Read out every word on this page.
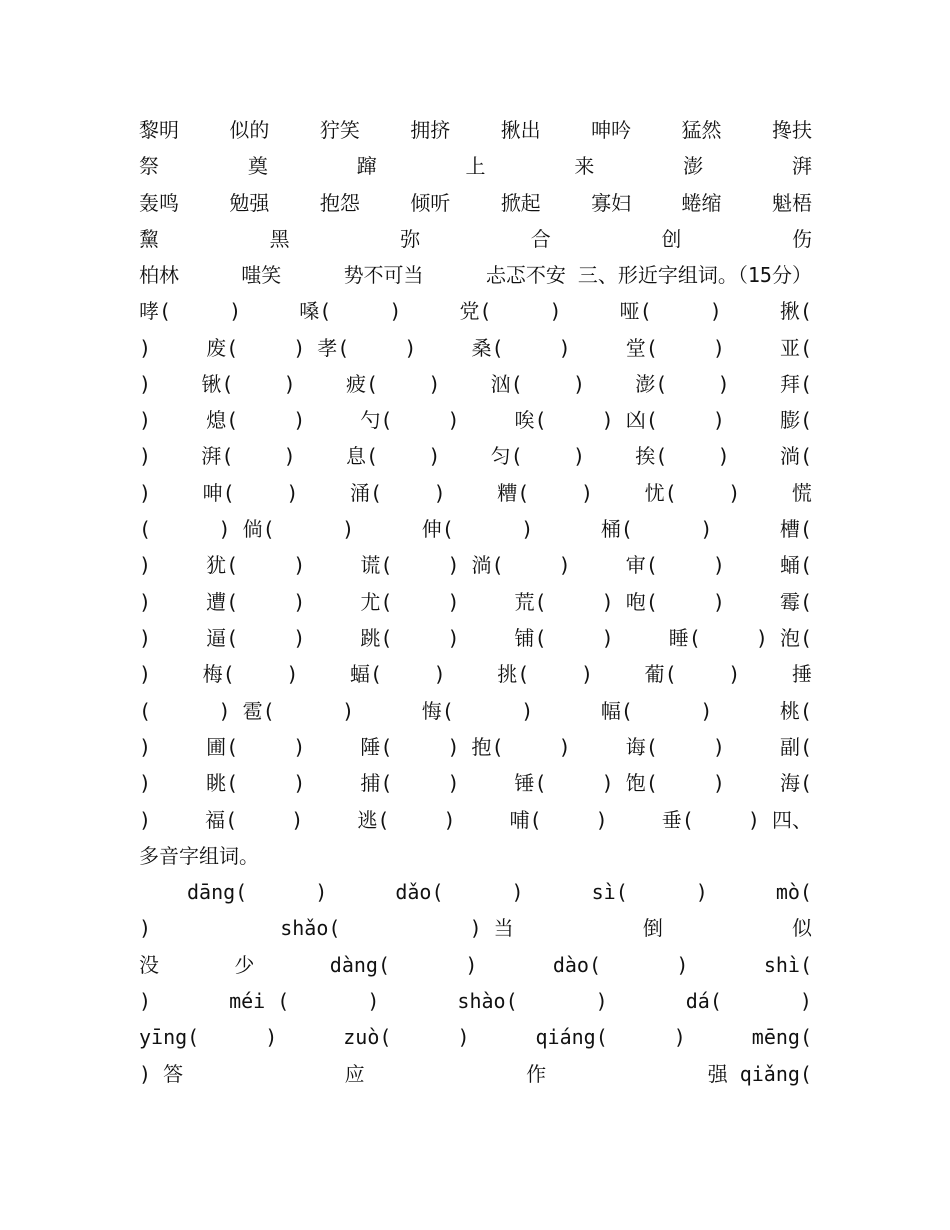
黎明	似的	狞笑	拥挤	揪出	呻吟	猛然	搀扶
祭	奠	蹿	上	来	澎	湃
轰鸣	勉强	抱怨	倾听	掀起	寡妇	蜷缩	魁梧
黧	黑	弥	合	创	伤
柏林	嗤笑	势不可当	忐忑不安 三、形近字组词。（15分）
哮(	)	嗓(	)	党(	)	哑(	)	揪(
)	废(	) 孝(	)	桑(	)	堂(	)	亚(
)	锹(	)	疲(	)	汹(	)	澎(	)	拜(
)	熄(	)	勺(	)	唉(	) 凶(	)	膨(
)	湃(	)	息(	)	匀(	)	挨(	)	淌(
)	呻(	)	涌(	)	糟(	)	忧(	)	慌
(	) 倘(	)	伸(	)	桶(	)	槽(
)	犹(	)	谎(	) 淌(	)	审(	)	蛹(
)	遭(	)	尤(	)	荒(	) 咆(	)	霉(
)	逼(	)	跳(	)	铺(	)	睡(	) 泡(
)	梅(	)	蝠(	)	挑(	)	葡(	)	捶
(	) 雹(	)	悔(	)	幅(	)	桃(
)	圃(	)	陲(	) 抱(	)	诲(	)	副(
)	眺(	)	捕(	)	锤(	) 饱(	)	海(
)	福(	)	逃(	)	哺(	)	垂(	) 四、
多音字组词。
dāng(	)	dǎo(	)	sì(	)	mò(
)	shǎo(	) 当	倒	似
没	少	dàng(	)	dào(	)	shì(
)	méi (	)	shào(	)	dá(	)
yīng(	)	zuò(	)	qiáng(	)	mēng(
) 答	应	作	强 qiǎng(
